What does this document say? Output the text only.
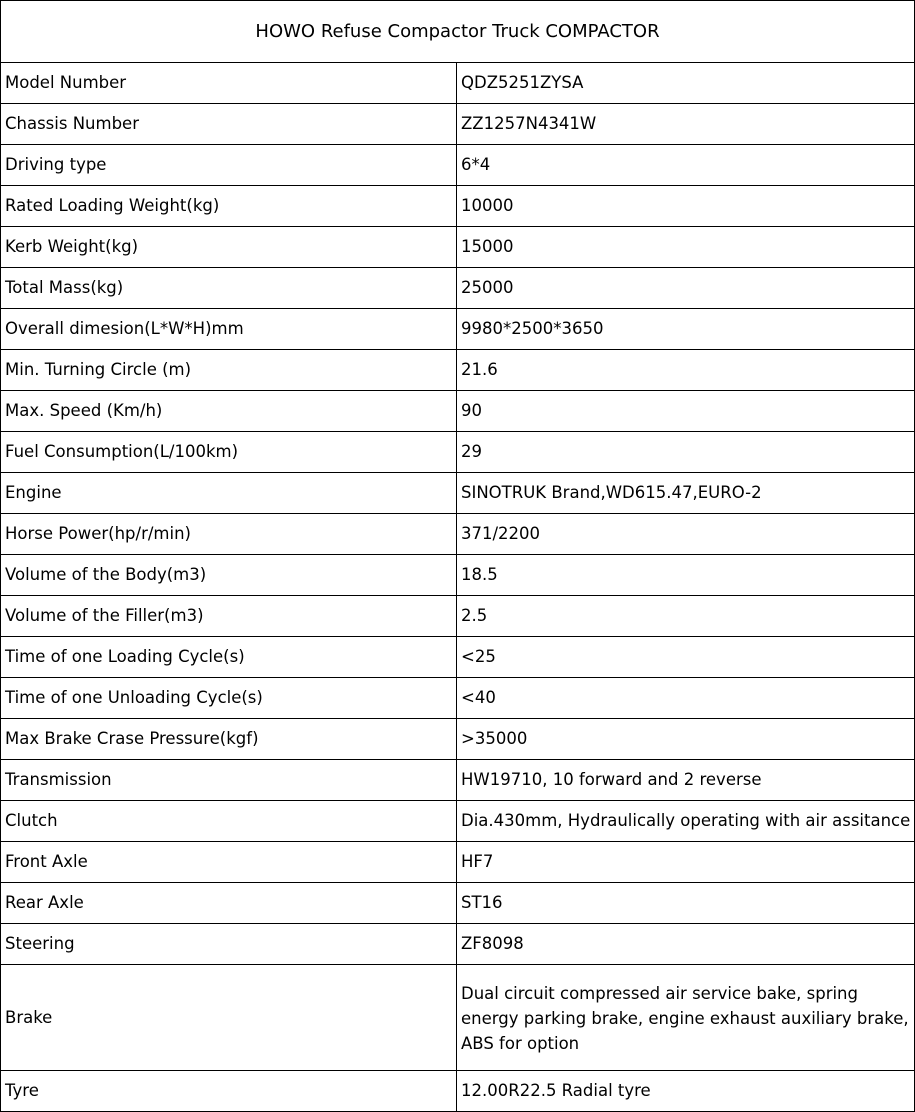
HOWO Refuse Compactor Truck COMPACTOR	
Model Number	QDZ5251ZYSA
Chassis Number	ZZ1257N4341W
Driving type	6*4
Rated Loading Weight(kg)	10000
Kerb Weight(kg)	15000
Total Mass(kg)	25000
Overall dimesion(L*W*H)mm	9980*2500*3650
Min. Turning Circle (m)	21.6
Max. Speed (Km/h)	90
Fuel Consumption(L/100km)	29
Engine	SINOTRUK Brand,WD615.47,EURO-2
Horse Power(hp/r/min)	371/2200
Volume of the Body(m3)	18.5
Volume of the Filler(m3)	2.5
Time of one Loading Cycle(s)	<25
Time of one Unloading Cycle(s)	<40
Max Brake Crase Pressure(kgf)	>35000
Transmission	HW19710, 10 forward and 2 reverse
Clutch	Dia.430mm, Hydraulically operating with air assitance
Front Axle	HF7
Rear Axle	ST16
Steering	ZF8098
Brake	Dual circuit compressed air service bake, spring energy parking brake, engine exhaust auxiliary brake, ABS for option
Tyre	12.00R22.5 Radial tyre
